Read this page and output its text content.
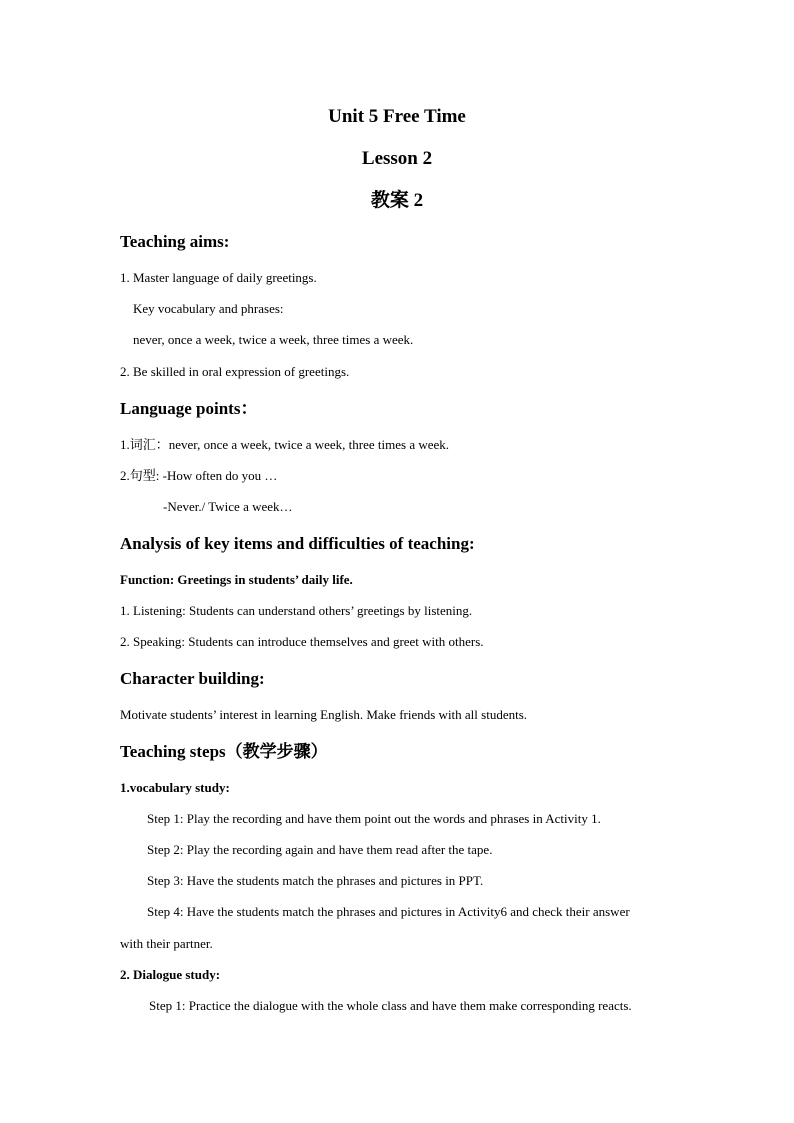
Unit 5 Free Time
Lesson 2
教案 2
Teaching aims:
1. Master language of daily greetings.
Key vocabulary and phrases:
never, once a week, twice a week, three times a week.
2. Be skilled in oral expression of greetings.
Language points：
1.词汇：never, once a week, twice a week, three times a week.
2.句型: -How often do you …
-Never./ Twice a week…
Analysis of key items and difficulties of teaching:
Function: Greetings in students’ daily life.
1. Listening: Students can understand others’ greetings by listening.
2. Speaking: Students can introduce themselves and greet with others.
Character building:
Motivate students’ interest in learning English. Make friends with all students.
Teaching steps（教学步骤）
1.vocabulary study:
Step 1: Play the recording and have them point out the words and phrases in Activity 1.
Step 2: Play the recording again and have them read after the tape.
Step 3: Have the students match the phrases and pictures in PPT.
Step 4: Have the students match the phrases and pictures in Activity6 and check their answer
with their partner.
2. Dialogue study:
Step 1: Practice the dialogue with the whole class and have them make corresponding reacts.
